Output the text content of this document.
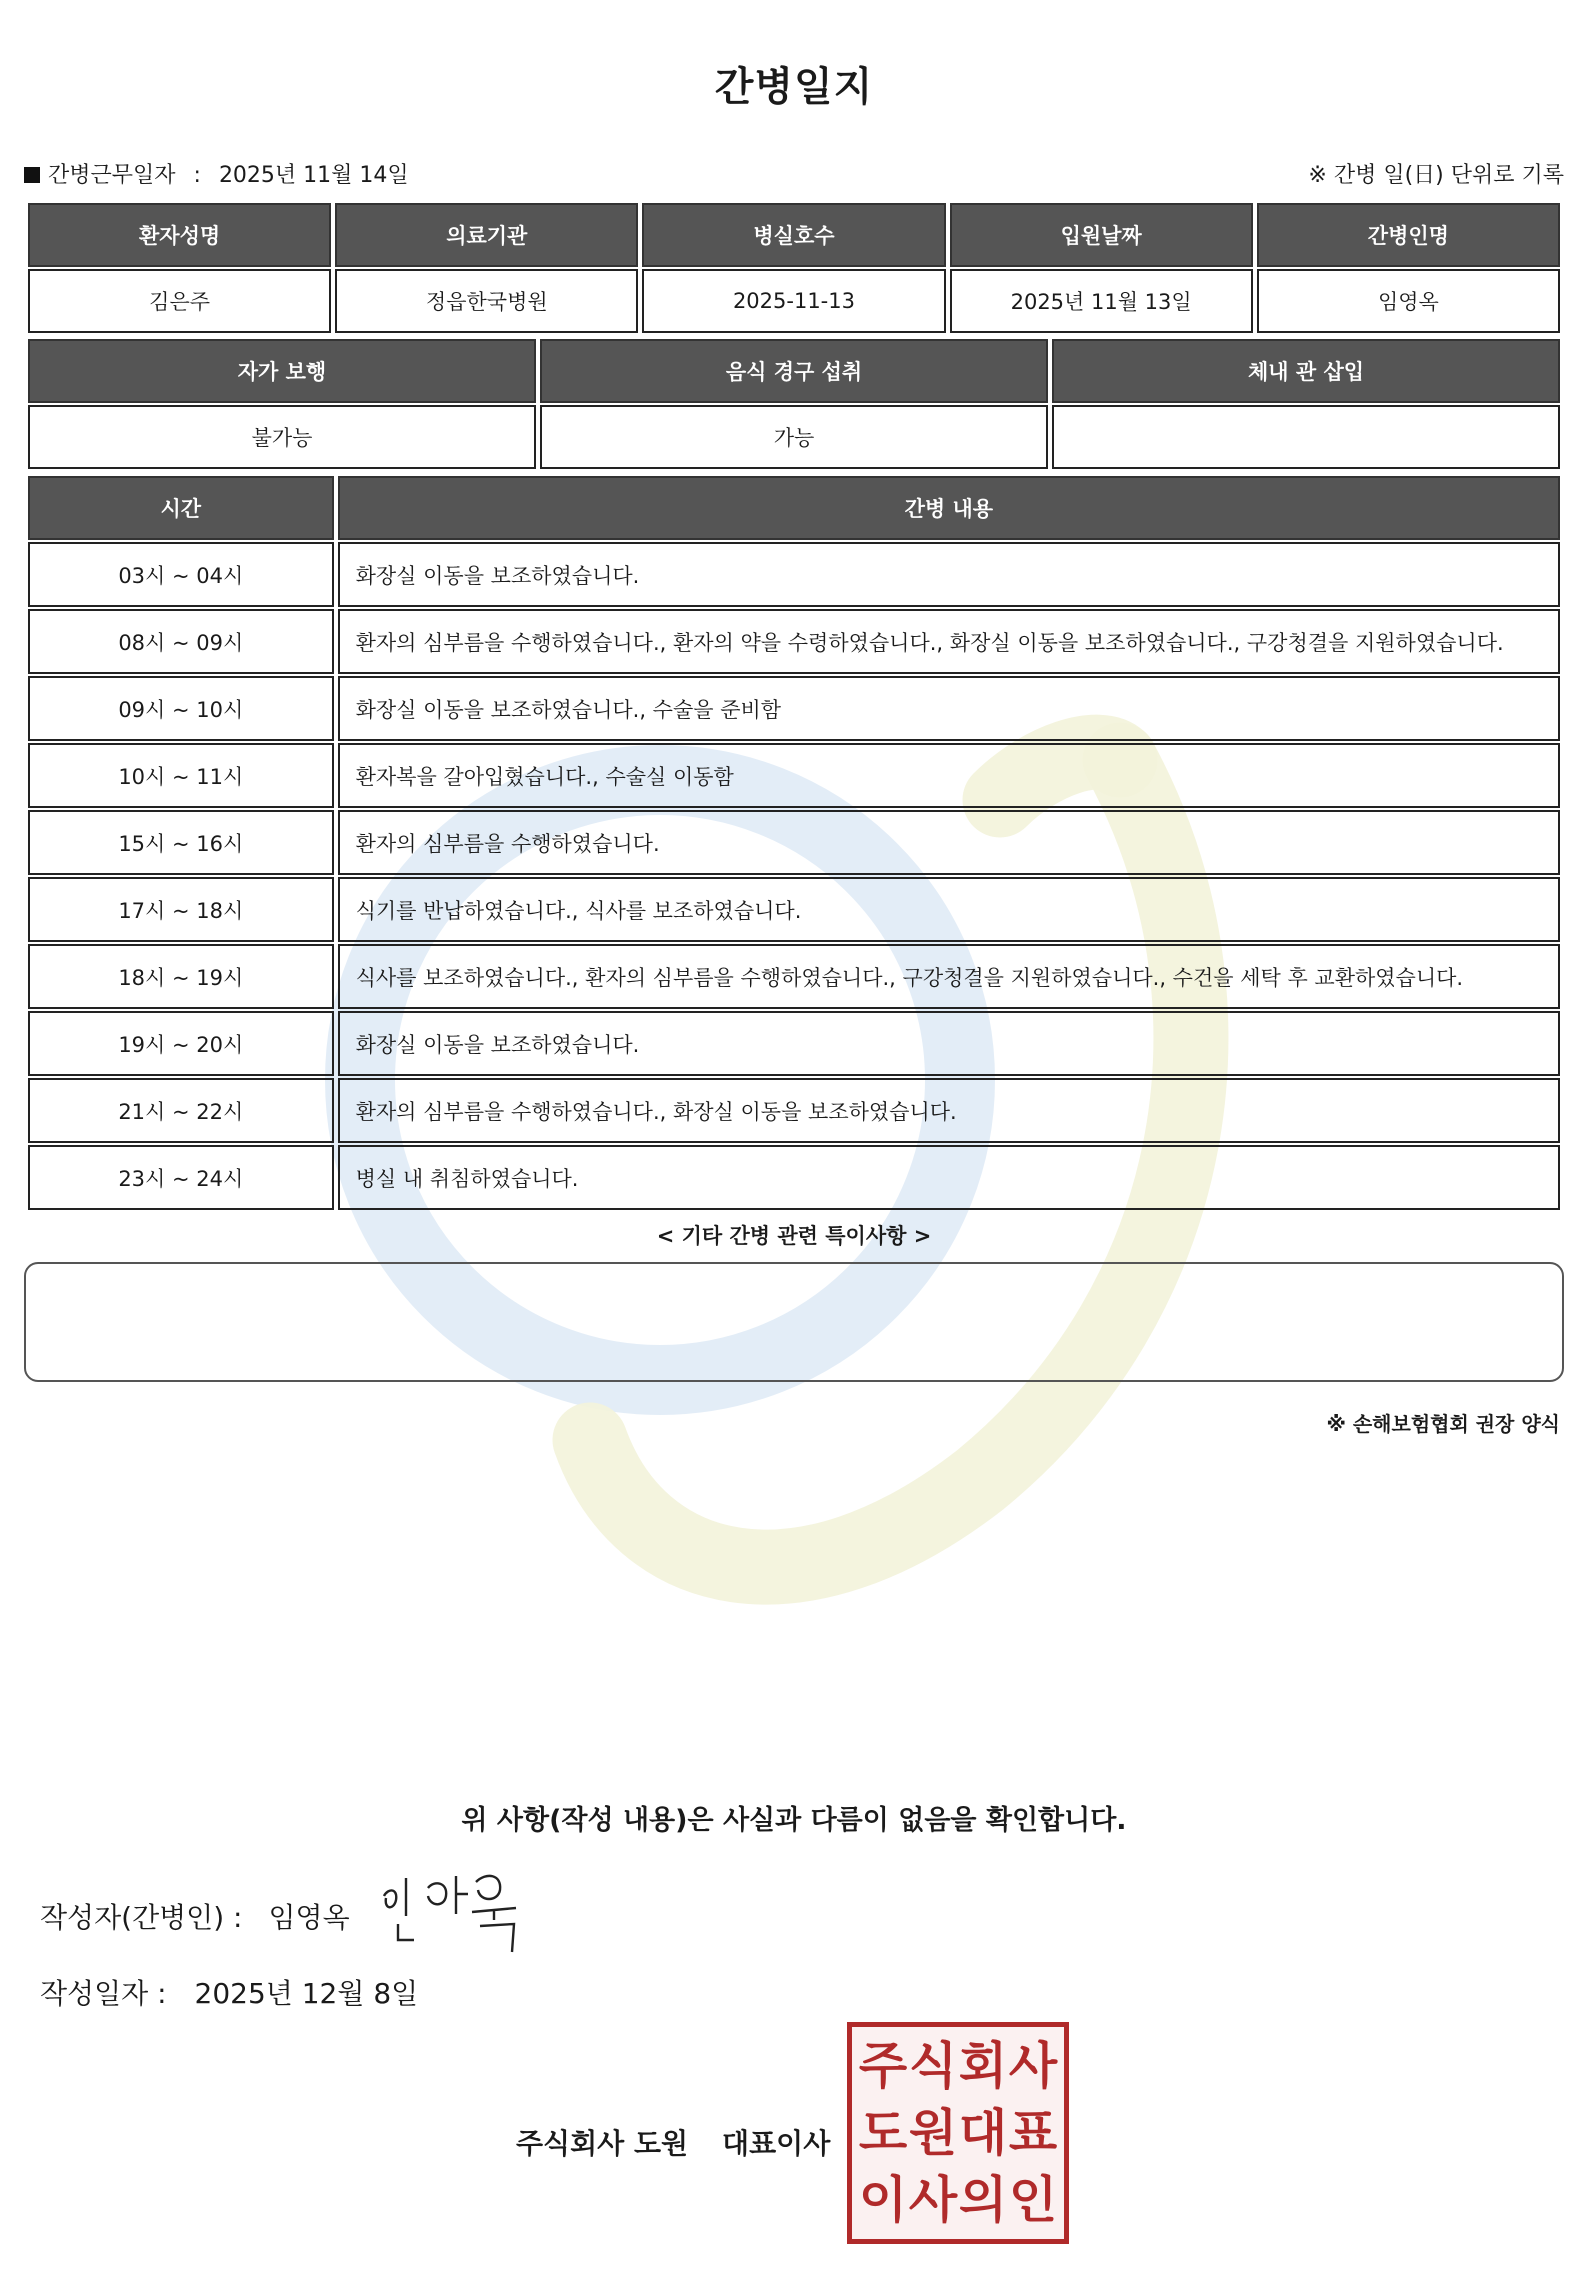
간병일지
간병근무일자 : 2025년 11월 14일	※ 간병 일(日) 단위로 기록
환자성명	의료기관	병실호수	입원날짜	간병인명
김은주	정읍한국병원	2025-11-13	2025년 11월 13일	임영옥
자가 보행	음식 경구 섭취	체내 관 삽입
불가능	가능	
시간	간병 내용
03시 ~ 04시	화장실 이동을 보조하였습니다.
08시 ~ 09시	환자의 심부름을 수행하였습니다., 환자의 약을 수령하였습니다., 화장실 이동을 보조하였습니다., 구강청결을 지원하였습니다.
09시 ~ 10시	화장실 이동을 보조하였습니다., 수술을 준비함
10시 ~ 11시	환자복을 갈아입혔습니다., 수술실 이동함
15시 ~ 16시	환자의 심부름을 수행하였습니다.
17시 ~ 18시	식기를 반납하였습니다., 식사를 보조하였습니다.
18시 ~ 19시	식사를 보조하였습니다., 환자의 심부름을 수행하였습니다., 구강청결을 지원하였습니다., 수건을 세탁 후 교환하였습니다.
19시 ~ 20시	화장실 이동을 보조하였습니다.
21시 ~ 22시	환자의 심부름을 수행하였습니다., 화장실 이동을 보조하였습니다.
23시 ~ 24시	병실 내 취침하였습니다.
< 기타 간병 관련 특이사항 >
※ 손해보험협회 권장 양식
위 사항(작성 내용)은 사실과 다름이 없음을 확인합니다.
작성자(간병인) : 임영옥
작성일자 : 2025년 12월 8일
주식회사 도원 대표이사
주 식 회 사
도 원 대 표
이 사 의 인
